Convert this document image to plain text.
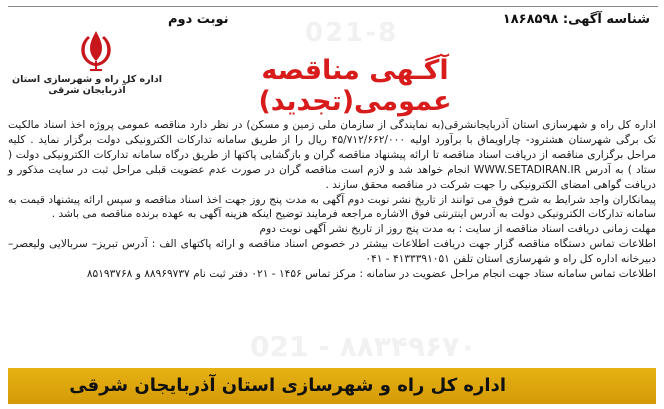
شناسه آگهی: ۱۸۶۸۵۹۸
نوبت دوم	021-8
اداره کل راه و شهرسازی استان آذربایجان شرقی
آگـهی مناقصه عمومی(تجدید)

اداره کل راه و شهرسازی استان آذربایجانشرقی(به نمایندگی از سازمان ملی زمین و مسکن) در نظر دارد مناقصه عمومی پروژه اخذ اسناد مالکیت تک برگی شهرستان هشترود- چاراویماق با برآورد اولیه ۴۵/۷۱۲/۶۶۲/۰۰۰ ریال را از طریق سامانه تدارکات الکترونیکی دولت برگزار نماید . کلیه مراحل برگزاری مناقصه از دریافت اسناد مناقصه تا ارائه پیشنهاد مناقصه گران و بازگشایی پاکتها از طریق درگاه سامانه تدارکات الکترونیکی دولت ( ستاد ) به آدرس WWW.SETADIRAN.IR انجام خواهد شد و لازم است مناقصه گران در صورت عدم عضویت قبلی مراحل ثبت در سایت مذکور و دریافت گواهی امضای الکترونیکی را جهت شرکت در مناقصه محقق سازند .

پیمانکاران واجد شرایط به شرح فوق می توانند از تاریخ نشر نوبت دوم آگهی به مدت پنج روز جهت اخذ اسناد مناقصه و سپس ارائه پیشنهاد قیمت به سامانه تدارکات الکترونیکی دولت به آدرس اینترنتی فوق الاشاره مراجعه فرمایند توضیح اینکه هزینه آگهی به عهده برنده مناقصه می باشد .

مهلت زمانی دریافت اسناد مناقصه از سایت : به مدت پنج روز از تاریخ نشر آگهی نوبت دوم

اطلاعات تماس دستگاه مناقصه گزار جهت دریافت اطلاعات بیشتر در خصوص اسناد مناقصه و ارائه پاکتهای الف : آدرس تبریز– سربالایی ولیعصر– دبیرخانه اداره کل راه و شهرسازی استان تلفن ۴۱۳۳۳۹۱۰۵۱ - ۰۴۱

اطلاعات تماس سامانه ستاد جهت انجام مراحل عضویت در سامانه : مرکز تماس ۱۴۵۶ - ۰۲۱ دفتر ثبت نام ۸۸۹۶۹۷۳۷ و ۸۵۱۹۳۷۶۸

021 - ۸۸۳۴۹۶۷۰
اداره کل راه و شهرسازی استان آذربایجان شرقی
